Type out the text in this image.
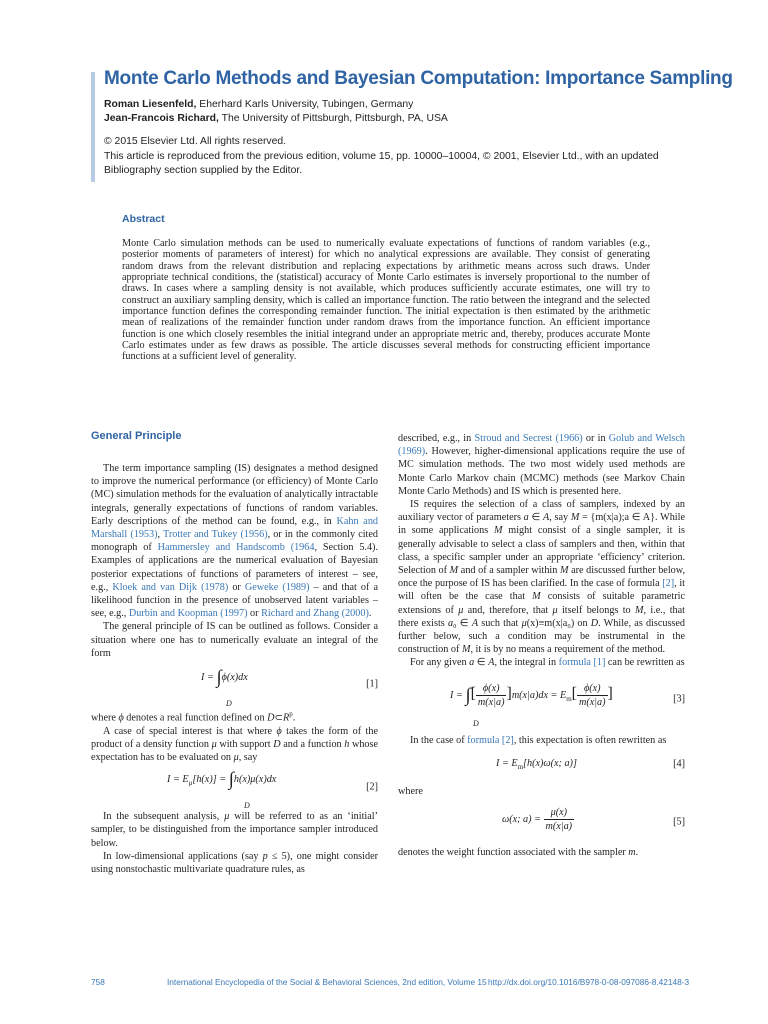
Monte Carlo Methods and Bayesian Computation: Importance Sampling
Roman Liesenfeld, Eherhard Karls University, Tubingen, Germany
Jean-Francois Richard, The University of Pittsburgh, Pittsburgh, PA, USA
© 2015 Elsevier Ltd. All rights reserved.
This article is reproduced from the previous edition, volume 15, pp. 10000–10004, © 2001, Elsevier Ltd., with an updated Bibliography section supplied by the Editor.
Abstract

Monte Carlo simulation methods can be used to numerically evaluate expectations of functions of random variables (e.g., posterior moments of parameters of interest) for which no analytical expressions are available. They consist of generating random draws from the relevant distribution and replacing expectations by arithmetic means across such draws. Under appropriate technical conditions, the (statistical) accuracy of Monte Carlo estimates is inversely proportional to the number of draws. In cases where a sampling density is not available, which produces sufficiently accurate estimates, one will try to construct an auxiliary sampling density, which is called an importance function. The ratio between the integrand and the selected importance function defines the corresponding remainder function. The initial expectation is then estimated by the arithmetic mean of realizations of the remainder function under random draws from the importance function. An efficient importance function is one which closely resembles the initial integrand under an appropriate metric and, thereby, produces accurate Monte Carlo estimates under as few draws as possible. The article discusses several methods for constructing efficient importance functions at a sufficient level of generality.

General Principle

The term importance sampling (IS) designates a method designed to improve the numerical performance (or efficiency) of Monte Carlo (MC) simulation methods for the evaluation of analytically intractable integrals, generally expectations of functions of random variables. Early descriptions of the method can be found, e.g., in Kahn and Marshall (1953), Trotter and Tukey (1956), or in the commonly cited monograph of Hammersley and Handscomb (1964, Section 5.4). Examples of applications are the numerical evaluation of Bayesian posterior expectations of functions of parameters of interest – see, e.g., Kloek and van Dijk (1978) or Geweke (1989) – and that of a likelihood function in the presence of unobserved latent variables – see, e.g., Durbin and Koopman (1997) or Richard and Zhang (2000).

The general principle of IS can be outlined as follows. Consider a situation where one has to numerically evaluate an integral of the form

I = ∫ϕ(x)dx
D
[1]

where ϕ denotes a real function defined on $D\subset R^p$.

A case of special interest is that where ϕ takes the form of the product of a density function μ with support D and a function h whose expectation has to be evaluated on μ, say

$I = E_\mu[h(x)] = \int h(x)\mu(x)dx$
D
[2]

In the subsequent analysis, μ will be referred to as an ‘initial’ sampler, to be distinguished from the importance sampler introduced below.

In low-dimensional applications (say p ≤ 5), one might consider using nonstochastic multivariate quadrature rules, as

described, e.g., in Stroud and Secrest (1966) or in Golub and Welsch (1969). However, higher-dimensional applications require the use of MC simulation methods. The two most widely used methods are Monte Carlo Markov chain (MCMC) methods (see Markov Chain Monte Carlo Methods) and IS which is presented here.

IS requires the selection of a class of samplers, indexed by an auxiliary vector of parameters a ∈ A, say M = {m(x|a);a ∈ A}. While in some applications M might consist of a single sampler, it is generally advisable to select a class of samplers and then, within that class, a specific sampler under an appropriate ‘efficiency’ criterion. Selection of M and of a sampler within M are discussed further below, once the purpose of IS has been clarified. In the case of formula [2], it will often be the case that M consists of suitable parametric extensions of μ and, therefore, that μ itself belongs to M, i.e., that there exists a₀ ∈ A such that μ(x)≡m(x|a₀) on D. While, as discussed further below, such a condition may be instrumental in the construction of M, it is by no means a requirement of the method.

For any given a ∈ A, the integral in formula [1] can be rewritten as

I = ∫[ $\frac{\phi(x)}{m(x|a)} ]m(x|a)dx = E_m[ \frac{\phi(x)}{m(x|a)}$ ]
D
[3]

In the case of formula [2], this expectation is often rewritten as

$I = E_m[h(x)\omega(x$; a)]	[4]

where

ω(x; $a) = \frac{\mu(x)}{m(x|a)}$	[5]

denotes the weight function associated with the sampler m.

758	International Encyclopedia of the Social & Behavioral Sciences, 2nd edition, Volume 15 http://dx.doi.org/10.1016/B978-0-08-097086-8.42148-3
